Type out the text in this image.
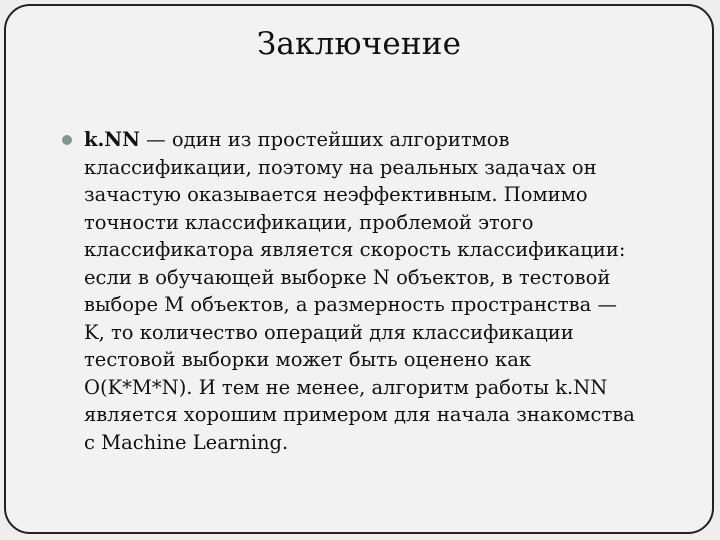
Заключение

k.NN — один из простейших алгоритмов
классификации, поэтому на реальных задачах он
зачастую оказывается неэффективным. Помимо
точности классификации, проблемой этого
классификатора является скорость классификации:
если в обучающей выборке N объектов, в тестовой
выборе M объектов, а размерность пространства —
K, то количество операций для классификации
тестовой выборки может быть оценено как
O(K*M*N). И тем не менее, алгоритм работы k.NN
является хорошим примером для начала знакомства
с Machine Learning.
